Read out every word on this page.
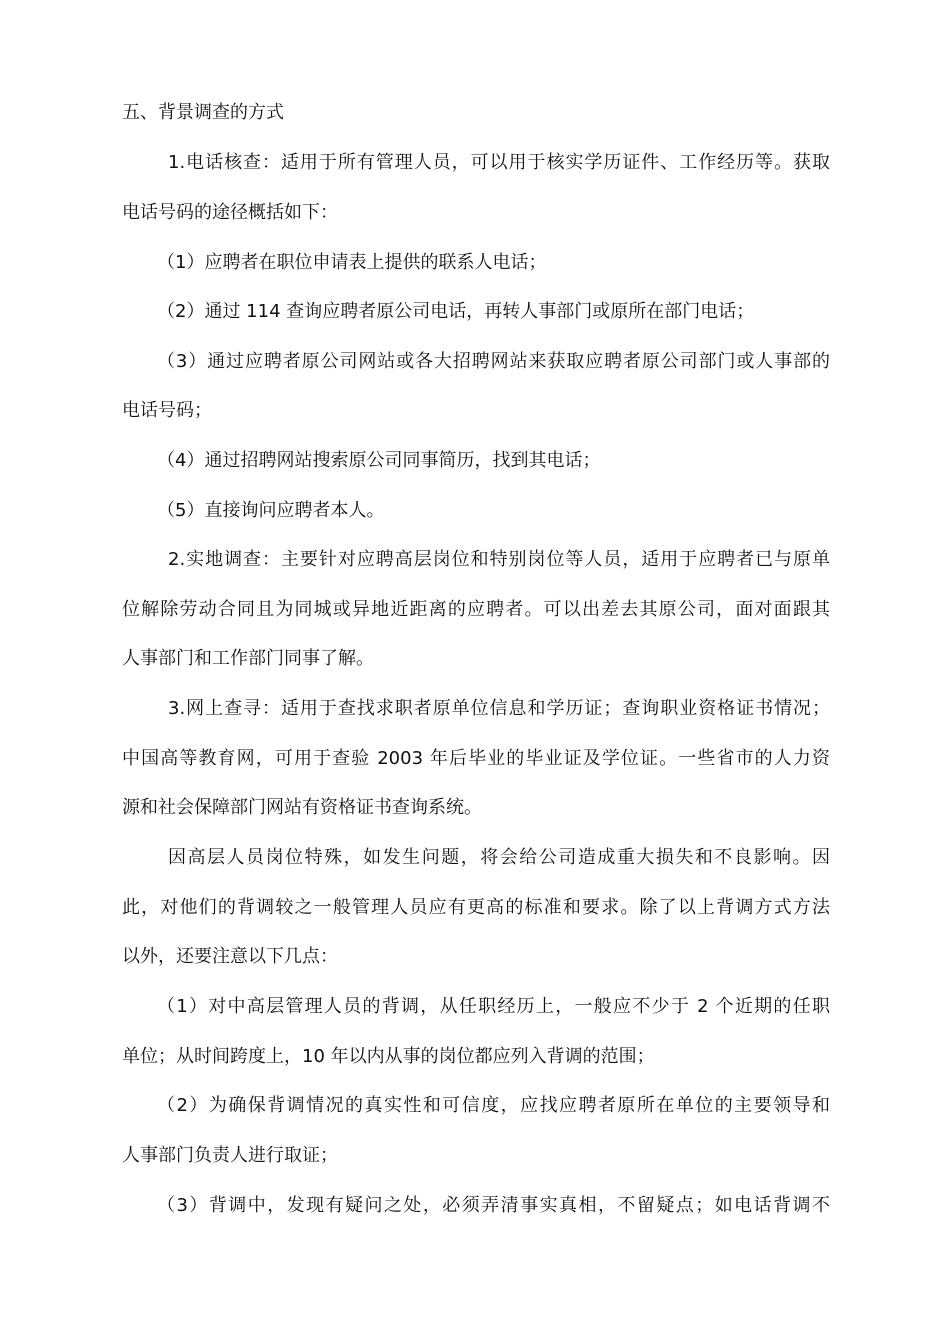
五、背景调查的方式
1.电话核查：适用于所有管理人员，可以用于核实学历证件、工作经历等。获取
电话号码的途径概括如下：
（1）应聘者在职位申请表上提供的联系人电话；
（2）通过 114 查询应聘者原公司电话，再转人事部门或原所在部门电话；
（3）通过应聘者原公司网站或各大招聘网站来获取应聘者原公司部门或人事部的
电话号码；
（4）通过招聘网站搜索原公司同事简历，找到其电话；
（5）直接询问应聘者本人。
2.实地调查：主要针对应聘高层岗位和特别岗位等人员，适用于应聘者已与原单
位解除劳动合同且为同城或异地近距离的应聘者。可以出差去其原公司，面对面跟其
人事部门和工作部门同事了解。
3.网上查寻：适用于查找求职者原单位信息和学历证；查询职业资格证书情况；
中国高等教育网，可用于查验 2003 年后毕业的毕业证及学位证。一些省市的人力资
源和社会保障部门网站有资格证书查询系统。
因高层人员岗位特殊，如发生问题，将会给公司造成重大损失和不良影响。因
此，对他们的背调较之一般管理人员应有更高的标准和要求。除了以上背调方式方法
以外，还要注意以下几点：
（1）对中高层管理人员的背调，从任职经历上，一般应不少于 2 个近期的任职
单位；从时间跨度上，10 年以内从事的岗位都应列入背调的范围；
（2）为确保背调情况的真实性和可信度，应找应聘者原所在单位的主要领导和
人事部门负责人进行取证；
（3）背调中，发现有疑问之处，必须弄清事实真相，不留疑点；如电话背调不
